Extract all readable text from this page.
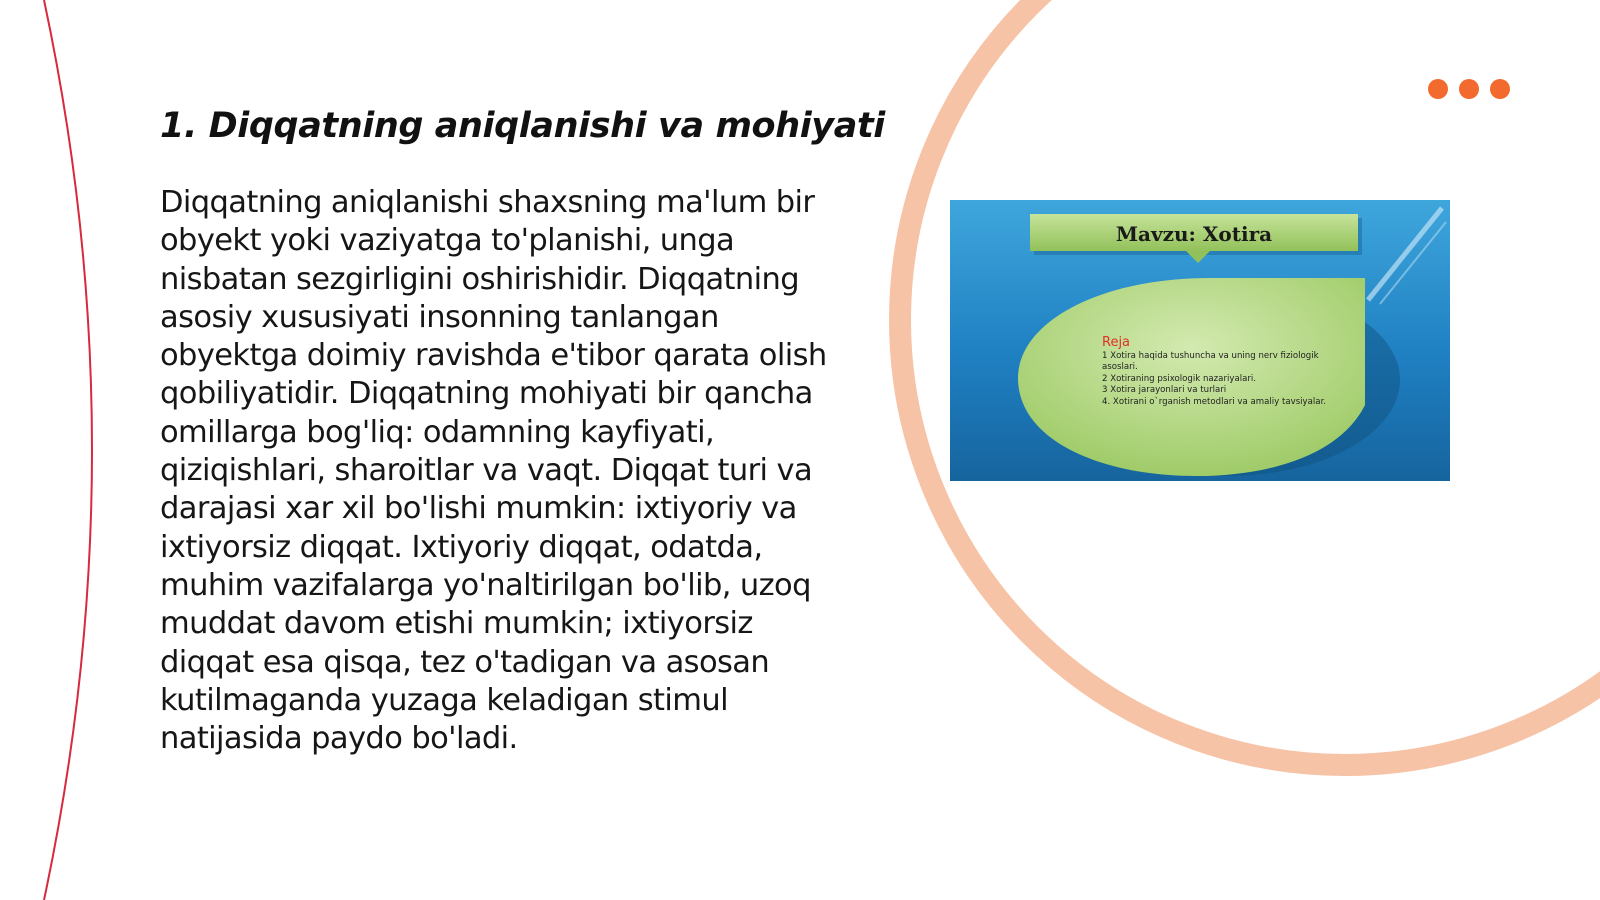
1. Diqqatning aniqlanishi va mohiyati

Diqqatning aniqlanishi shaxsning ma'lum bir obyekt yoki vaziyatga to'planishi, unga nisbatan sezgirligini oshirishidir. Diqqatning asosiy xususiyati insonning tanlangan obyektga doimiy ravishda e'tibor qarata olish qobiliyatidir. Diqqatning mohiyati bir qancha omillarga bog'liq: odamning kayfiyati, qiziqishlari, sharoitlar va vaqt. Diqqat turi va darajasi xar xil bo'lishi mumkin: ixtiyoriy va ixtiyorsiz diqqat. Ixtiyoriy diqqat, odatda, muhim vazifalarga yo'naltirilgan bo'lib, uzoq muddat davom etishi mumkin; ixtiyorsiz diqqat esa qisqa, tez o'tadigan va asosan kutilmaganda yuzaga keladigan stimul natijasida paydo bo'ladi.

Mavzu: Xotira
Reja
1 Xotira haqida tushuncha va uning nerv fiziologik
asoslari.
2 Xotiraning psixologik nazariyalari.
3 Xotira jarayonlari va turlari
4. Xotirani o`rganish metodlari va amaliy tavsiyalar.
